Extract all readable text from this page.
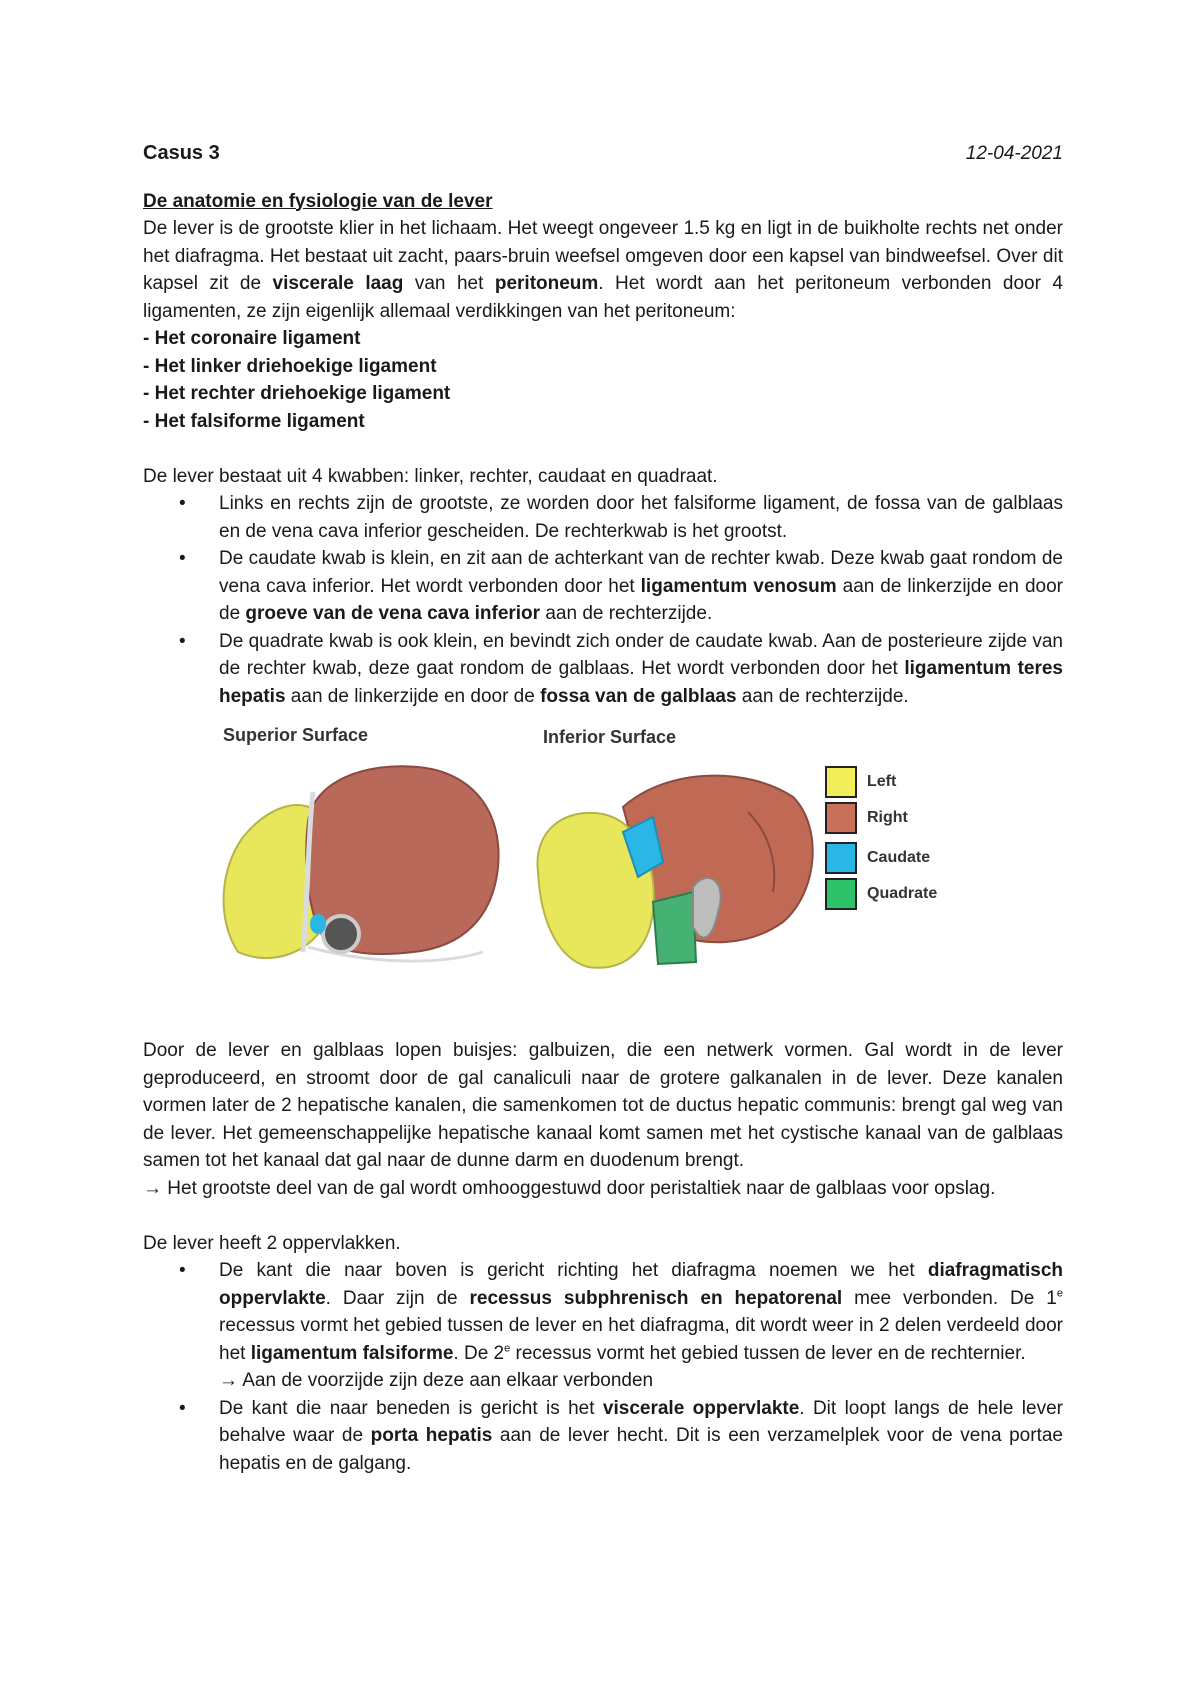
Casus 3	12-04-2021
De anatomie en fysiologie van de lever

De lever is de grootste klier in het lichaam. Het weegt ongeveer 1.5 kg en ligt in de buikholte rechts net onder het diafragma. Het bestaat uit zacht, paars-bruin weefsel omgeven door een kapsel van bindweefsel. Over dit kapsel zit de viscerale laag van het peritoneum. Het wordt aan het peritoneum verbonden door 4 ligamenten, ze zijn eigenlijk allemaal verdikkingen van het peritoneum:

- Het coronaire ligament
- Het linker driehoekige ligament
- Het rechter driehoekige ligament
- Het falsiforme ligament

De lever bestaat uit 4 kwabben: linker, rechter, caudaat en quadraat.

• Links en rechts zijn de grootste, ze worden door het falsiforme ligament, de fossa van de galblaas en de vena cava inferior gescheiden. De rechterkwab is het grootst.
• De caudate kwab is klein, en zit aan de achterkant van de rechter kwab. Deze kwab gaat rondom de vena cava inferior. Het wordt verbonden door het ligamentum venosum aan de linkerzijde en door de groeve van de vena cava inferior aan de rechterzijde.
• De quadrate kwab is ook klein, en bevindt zich onder de caudate kwab. Aan de posterieure zijde van de rechter kwab, deze gaat rondom de galblaas. Het wordt verbonden door het ligamentum teres hepatis aan de linkerzijde en door de fossa van de galblaas aan de rechterzijde.
Superior Surface	Inferior Surface
Left
Right
Caudate
Quadrate

Door de lever en galblaas lopen buisjes: galbuizen, die een netwerk vormen. Gal wordt in de lever geproduceerd, en stroomt door de gal canaliculi naar de grotere galkanalen in de lever. Deze kanalen vormen later de 2 hepatische kanalen, die samenkomen tot de ductus hepatic communis: brengt gal weg van de lever. Het gemeenschappelijke hepatische kanaal komt samen met het cystische kanaal van de galblaas samen tot het kanaal dat gal naar de dunne darm en duodenum brengt.

→ Het grootste deel van de gal wordt omhooggestuwd door peristaltiek naar de galblaas voor opslag.

De lever heeft 2 oppervlakken.

• De kant die naar boven is gericht richting het diafragma noemen we het diafragmatisch oppervlakte. Daar zijn de recessus subphrenisch en hepatorenal mee verbonden. De 1e recessus vormt het gebied tussen de lever en het diafragma, dit wordt weer in 2 delen verdeeld door het ligamentum falsiforme. De 2e recessus vormt het gebied tussen de lever en de rechternier.
→ Aan de voorzijde zijn deze aan elkaar verbonden
• De kant die naar beneden is gericht is het viscerale oppervlakte. Dit loopt langs de hele lever behalve waar de porta hepatis aan de lever hecht. Dit is een verzamelplek voor de vena portae hepatis en de galgang.
